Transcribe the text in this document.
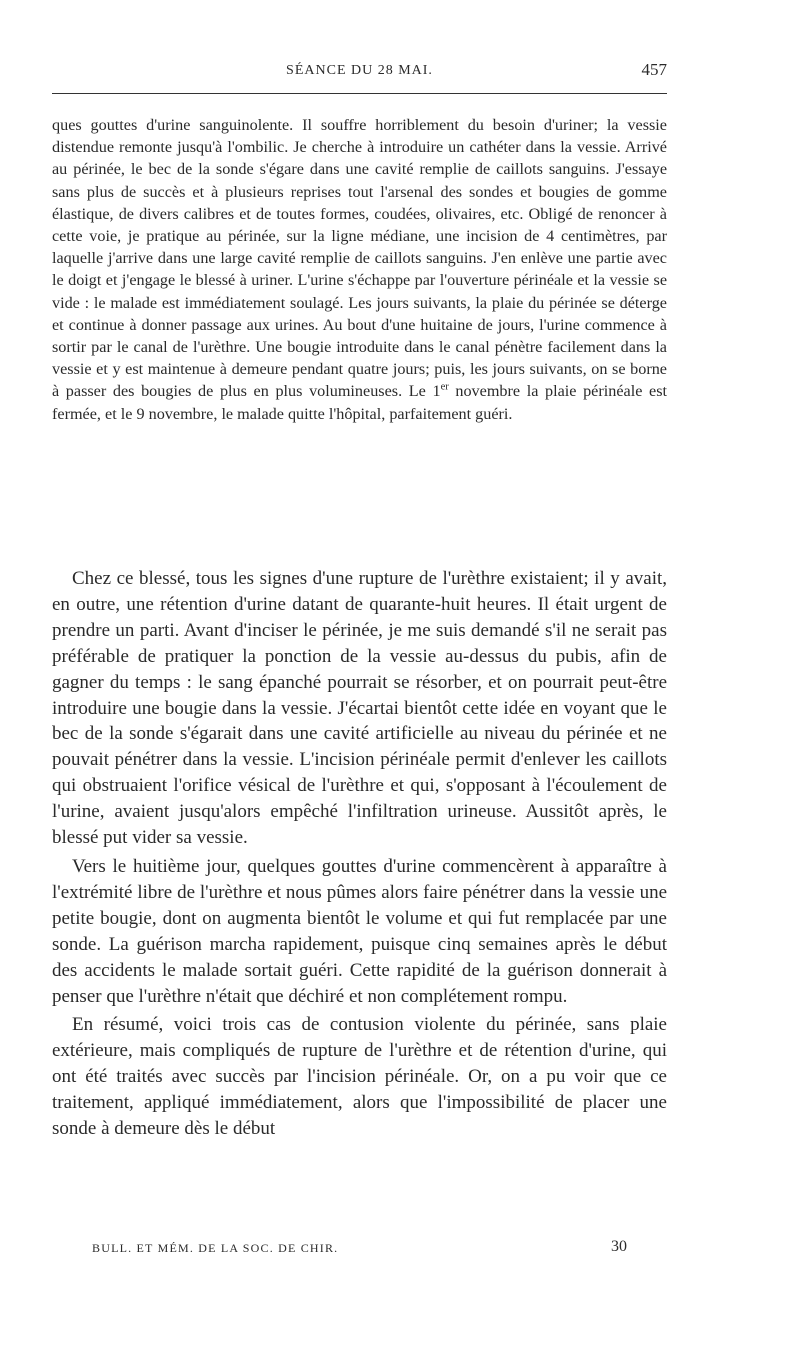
SÉANCE DU 28 MAI.	457

ques gouttes d'urine sanguinolente. Il souffre horriblement du besoin d'uriner; la vessie distendue remonte jusqu'à l'ombilic. Je cherche à introduire un cathéter dans la vessie. Arrivé au périnée, le bec de la sonde s'égare dans une cavité remplie de caillots sanguins. J'essaye sans plus de succès et à plusieurs reprises tout l'arsenal des sondes et bougies de gomme élastique, de divers calibres et de toutes formes, coudées, olivaires, etc. Obligé de renoncer à cette voie, je pratique au périnée, sur la ligne médiane, une incision de 4 centimètres, par laquelle j'arrive dans une large cavité remplie de caillots sanguins. J'en enlève une partie avec le doigt et j'engage le blessé à uriner. L'urine s'échappe par l'ouverture périnéale et la vessie se vide : le malade est immédiatement soulagé. Les jours suivants, la plaie du périnée se déterge et continue à donner passage aux urines. Au bout d'une huitaine de jours, l'urine commence à sortir par le canal de l'urèthre. Une bougie introduite dans le canal pénètre facilement dans la vessie et y est maintenue à demeure pendant quatre jours; puis, les jours suivants, on se borne à passer des bougies de plus en plus volumineuses. Le 1er novembre la plaie périnéale est fermée, et le 9 novembre, le malade quitte l'hôpital, parfaitement guéri.

Chez ce blessé, tous les signes d'une rupture de l'urèthre existaient; il y avait, en outre, une rétention d'urine datant de quarante-huit heures. Il était urgent de prendre un parti. Avant d'inciser le périnée, je me suis demandé s'il ne serait pas préférable de pratiquer la ponction de la vessie au-dessus du pubis, afin de gagner du temps : le sang épanché pourrait se résorber, et on pourrait peut-être introduire une bougie dans la vessie. J'écartai bientôt cette idée en voyant que le bec de la sonde s'égarait dans une cavité artificielle au niveau du périnée et ne pouvait pénétrer dans la vessie. L'incision périnéale permit d'enlever les caillots qui obstruaient l'orifice vésical de l'urèthre et qui, s'opposant à l'écoulement de l'urine, avaient jusqu'alors empêché l'infiltration urineuse. Aussitôt après, le blessé put vider sa vessie.

Vers le huitième jour, quelques gouttes d'urine commencèrent à apparaître à l'extrémité libre de l'urèthre et nous pûmes alors faire pénétrer dans la vessie une petite bougie, dont on augmenta bientôt le volume et qui fut remplacée par une sonde. La guérison marcha rapidement, puisque cinq semaines après le début des accidents le malade sortait guéri. Cette rapidité de la guérison donnerait à penser que l'urèthre n'était que déchiré et non complétement rompu.

En résumé, voici trois cas de contusion violente du périnée, sans plaie extérieure, mais compliqués de rupture de l'urèthre et de rétention d'urine, qui ont été traités avec succès par l'incision périnéale. Or, on a pu voir que ce traitement, appliqué immédiatement, alors que l'impossibilité de placer une sonde à demeure dès le début

BULL. ET MÉM. DE LA SOC. DE CHIR.	30
